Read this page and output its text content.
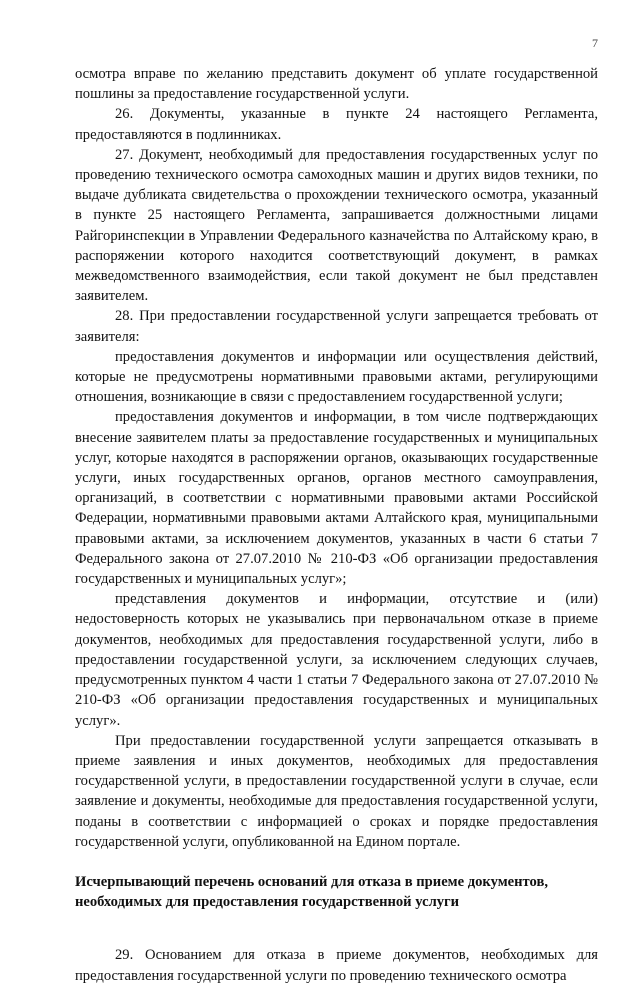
7

осмотра вправе по желанию представить документ об уплате государственной пошлины за предоставление государственной услуги.

26. Документы, указанные в пункте 24 настоящего Регламента, предоставляются в подлинниках.

27. Документ, необходимый для предоставления государственных услуг по проведению технического осмотра самоходных машин и других видов техники, по выдаче дубликата свидетельства о прохождении технического осмотра, указанный в пункте 25 настоящего Регламента, запрашивается должностными лицами Райгоринспекции в Управлении Федерального казначейства по Алтайскому краю, в распоряжении которого находится соответствующий документ, в рамках межведомственного взаимодействия, если такой документ не был представлен заявителем.

28. При предоставлении государственной услуги запрещается требовать от заявителя:

предоставления документов и информации или осуществления действий, которые не предусмотрены нормативными правовыми актами, регулирующими отношения, возникающие в связи с предоставлением государственной услуги;

предоставления документов и информации, в том числе подтверждающих внесение заявителем платы за предоставление государственных и муниципальных услуг, которые находятся в распоряжении органов, оказывающих государственные услуги, иных государственных органов, органов местного самоуправления, организаций, в соответствии с нормативными правовыми актами Российской Федерации, нормативными правовыми актами Алтайского края, муниципальными правовыми актами, за исключением документов, указанных в части 6 статьи 7 Федерального закона от 27.07.2010 № 210-ФЗ «Об организации предоставления государственных и муниципальных услуг»;

представления документов и информации, отсутствие и (или) недостоверность которых не указывались при первоначальном отказе в приеме документов, необходимых для предоставления государственной услуги, либо в предоставлении государственной услуги, за исключением следующих случаев, предусмотренных пунктом 4 части 1 статьи 7 Федерального закона от 27.07.2010 № 210-ФЗ «Об организации предоставления государственных и муниципальных услуг».

При предоставлении государственной услуги запрещается отказывать в приеме заявления и иных документов, необходимых для предоставления государственной услуги, в предоставлении государственной услуги в случае, если заявление и документы, необходимые для предоставления государственной услуги, поданы в соответствии с информацией о сроках и порядке предоставления государственной услуги, опубликованной на Едином портале.

Исчерпывающий перечень оснований для отказа в приеме документов,

необходимых для предоставления государственной услуги

29. Основанием для отказа в приеме документов, необходимых для предоставления государственной услуги по проведению технического осмотра
